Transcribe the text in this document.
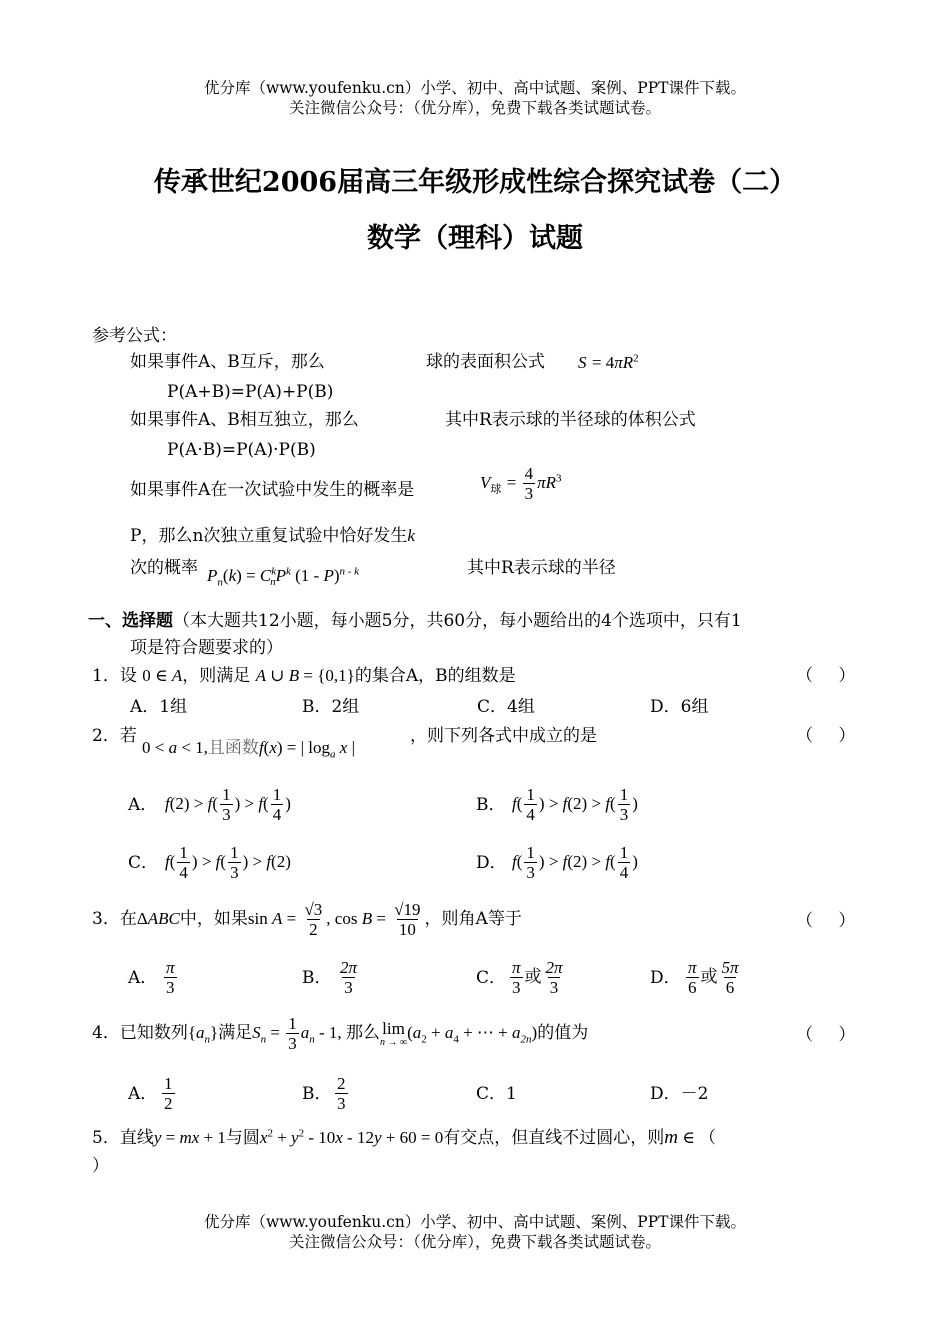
优分库（www.youfenku.cn）小学、初中、高中试题、案例、PPT课件下载。
关注微信公众号：（优分库），免费下载各类试题试卷。
传承世纪2006届高三年级形成性综合探究试卷（二）
数学（理科）试题
参考公式：
如果事件A、B互斥，那么	球的表面积公式 $S = 4\pi R^2$
P(A+B)=P(A)+P(B)
如果事件A、B相互独立，那么	其中R表示球的半径球的体积公式
P(A·B)=P(A)·P(B)
如果事件A在一次试验中发生的概率是	$V_球 = \frac{4}{3} \pi R^3$
P，那么n次独立重复试验中恰好发生k
次的概率 $P_n(k) = C^k_nP^k$ (1 - P)$^{n - k}$	其中R表示球的半径
一、选择题（本大题共12小题，每小题5分，共60分，每小题给出的4个选项中，只有1
项是符合题要求的）
1．设 0 ∈ A，则满足 A ∪ B = {0,1}的集合A，B的组数是	（ ）
A．1组	B．2组	C．4组	D．6组
2．若
0 < a < 1,且函数f(x) = | $\log_a x$ |
，则下列各式中成立的是	（ ）
A． $f(2) > f( \frac{1}{3}$ ) > $f( \frac{1}{4}$ )	B． $f( \frac{1}{4}$ ) > $f(2) > f( \frac{1}{3}$ )
C． $f( \frac{1}{4}$ ) > $f( \frac{1}{3}$ ) > f(2)	D． $f( \frac{1}{3}$ ) > $f(2) > f( \frac{1}{4}$ )
3．在ΔABC中，如果$\sin A = \frac{√3}{2}$ , $\cos B = \frac{√19}{10}$ ，则角A等于	（ ）
A． $\frac{\pi}{3}$	B． $\frac{2\pi}{3}$	C． $\frac{\pi}{3}$ 或 $\frac{2\pi}{3}$	D． $\frac{\pi}{6}$ 或 $\frac{5\pi}{6}$
4．已知数列$\{a_n\}$满足$S_n = \frac{1}{3} a_n - 1$, 那么 lim
n → ∞ ($a_2 + a_4$ + ⋯ + $a_{2n}$)的值为	（ ）
A． $\frac{1}{2}$	B． $\frac{2}{3}$	C．1	D．－2
5．直线y = mx + 1与圆$x^2 + y^2 - 10x - 12y + 60 = 0$有交点，但直线不过圆心，则m ∈ （
）
优分库（www.youfenku.cn）小学、初中、高中试题、案例、PPT课件下载。
关注微信公众号：（优分库），免费下载各类试题试卷。
